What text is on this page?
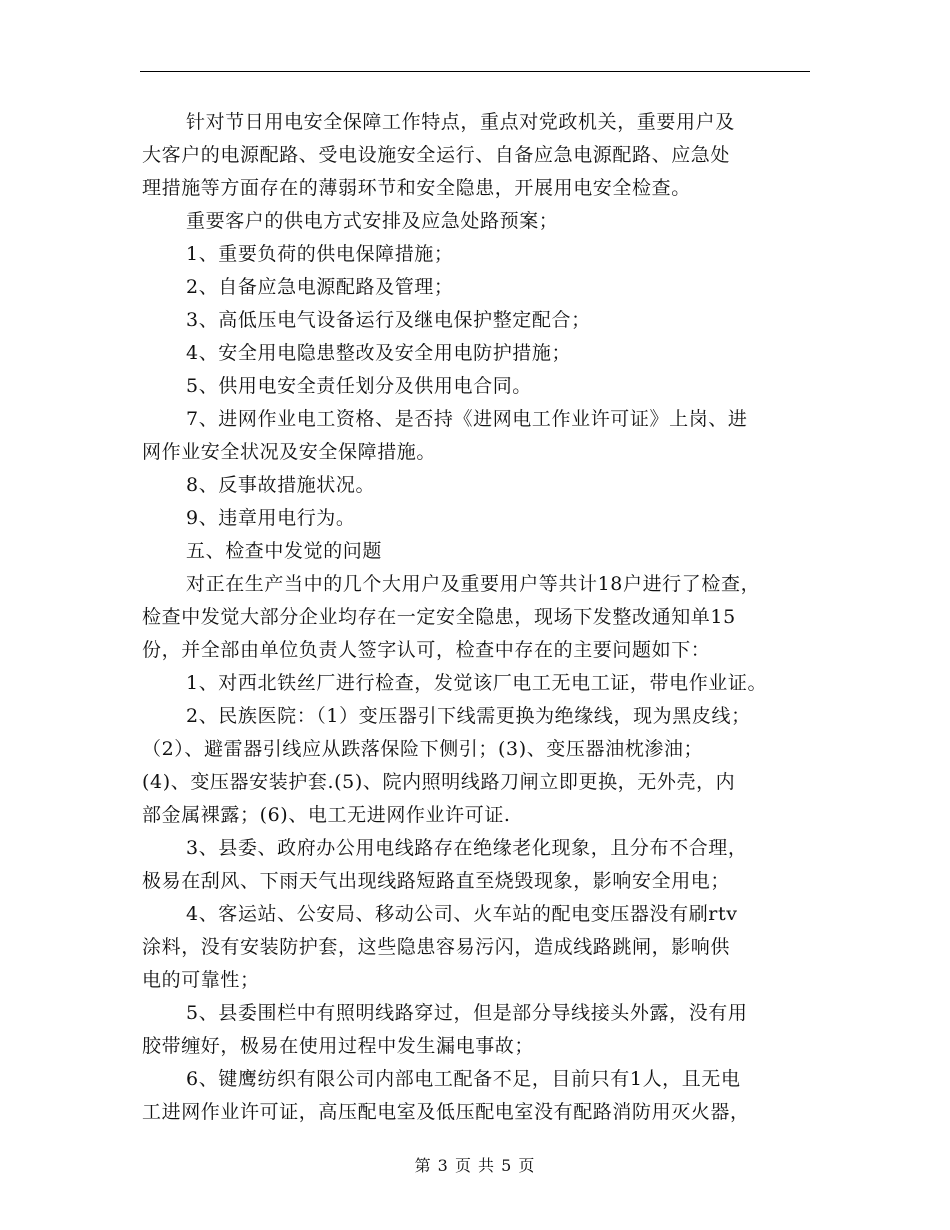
针对节日用电安全保障工作特点，重点对党政机关，重要用户及
大客户的电源配路、受电设施安全运行、自备应急电源配路、应急处
理措施等方面存在的薄弱环节和安全隐患，开展用电安全检查。
重要客户的供电方式安排及应急处路预案；
1、重要负荷的供电保障措施；
2、自备应急电源配路及管理；
3、高低压电气设备运行及继电保护整定配合；
4、安全用电隐患整改及安全用电防护措施；
5、供用电安全责任划分及供用电合同。
7、进网作业电工资格、是否持《进网电工作业许可证》上岗、进
网作业安全状况及安全保障措施。
8、反事故措施状况。
9、违章用电行为。
五、检查中发觉的问题
对正在生产当中的几个大用户及重要用户等共计18户进行了检查，
检查中发觉大部分企业均存在一定安全隐患，现场下发整改通知单15
份，并全部由单位负责人签字认可，检查中存在的主要问题如下：
1、对西北铁丝厂进行检查，发觉该厂电工无电工证，带电作业证。
2、民族医院：（1）变压器引下线需更换为绝缘线，现为黑皮线；
（2）、避雷器引线应从跌落保险下侧引；(3)、变压器油枕渗油；
(4)、变压器安装护套.(5)、院内照明线路刀闸立即更换，无外壳，内
部金属裸露；(6)、电工无进网作业许可证.
3、县委、政府办公用电线路存在绝缘老化现象，且分布不合理，
极易在刮风、下雨天气出现线路短路直至烧毁现象，影响安全用电；
4、客运站、公安局、移动公司、火车站的配电变压器没有刷rtv
涂料，没有安装防护套，这些隐患容易污闪，造成线路跳闸，影响供
电的可靠性；
5、县委围栏中有照明线路穿过，但是部分导线接头外露，没有用
胶带缠好，极易在使用过程中发生漏电事故；
6、键鹰纺织有限公司内部电工配备不足，目前只有1人，且无电
工进网作业许可证，高压配电室及低压配电室没有配路消防用灭火器，
第 3 页 共 5 页
